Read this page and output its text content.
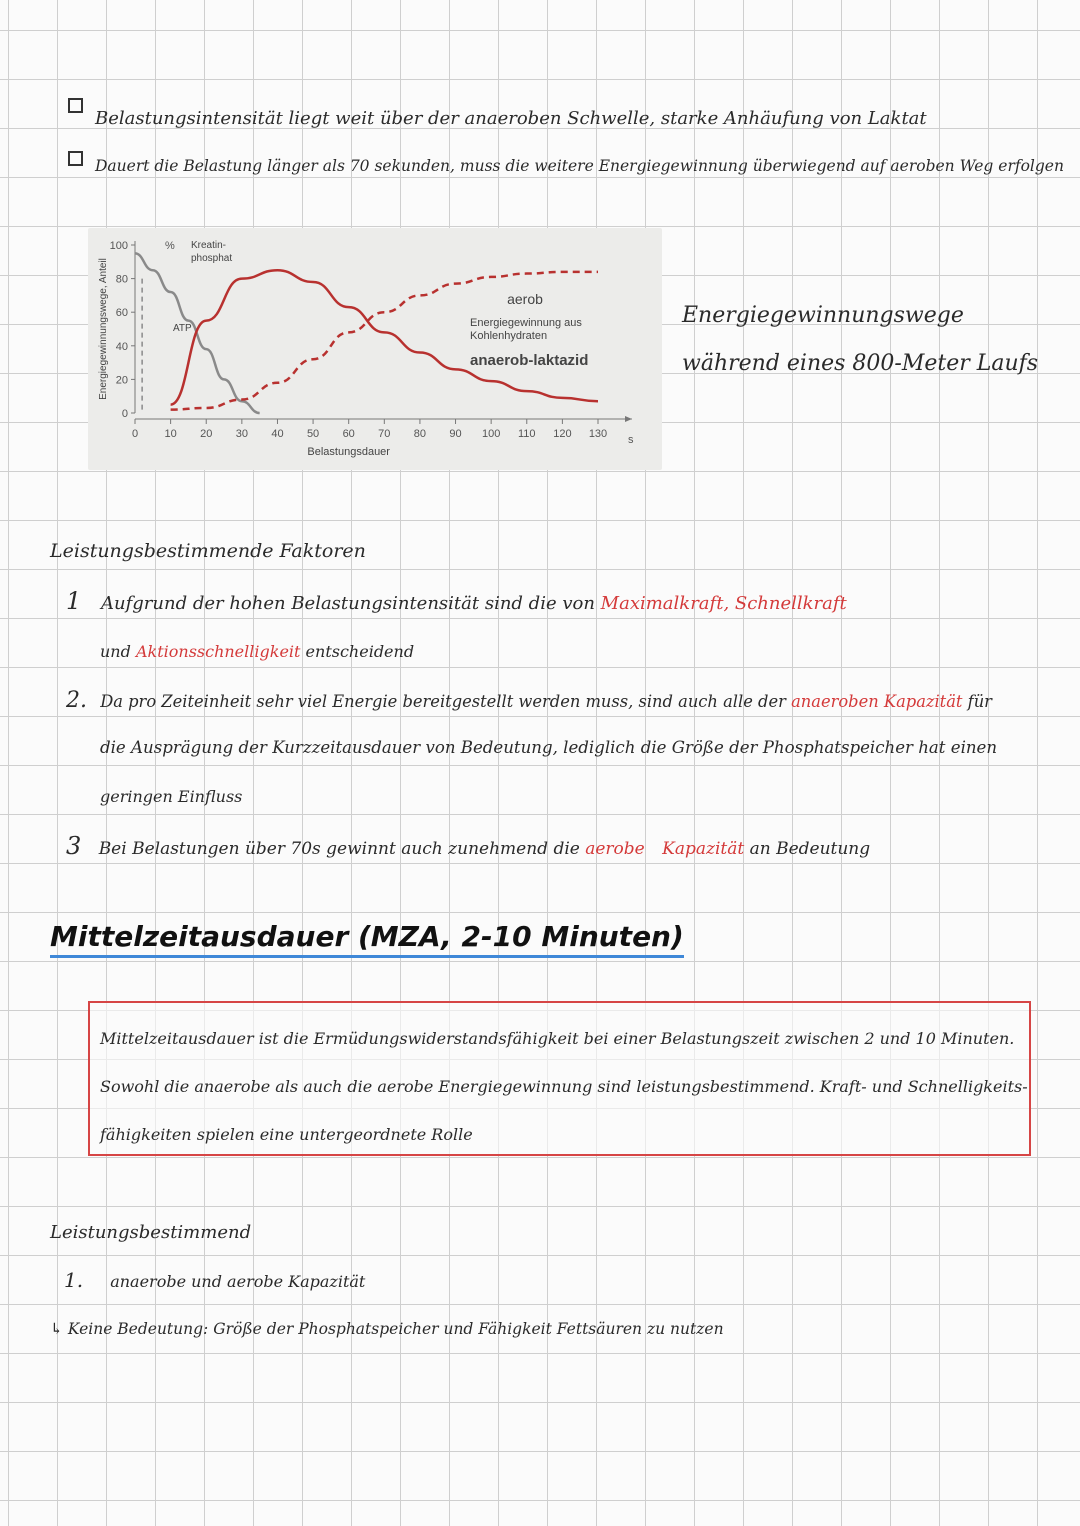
Belastungsintensität liegt weit über der anaeroben Schwelle, starke Anhäufung von Laktat
Dauert die Belastung länger als 70 sekunden, muss die weitere Energiegewinnung überwiegend auf aeroben Weg erfolgen
0
20
40
60
80
100
0 10 20 30 40 50 60 70 80 90 100 110 120 130 s
%
Belastungsdauer
Energiegewinnungswege, Anteil
Kreatin-
phosphat
ATP
aerob
Energiegewinnung aus
Kohlenhydraten
anaerob-laktazid
Energiegewinnungswege während eines 800-Meter Laufs
Leistungsbestimmende Faktoren
1 Aufgrund der hohen Belastungsintensität sind die von Maximalkraft, Schnellkraft
und Aktionsschnelligkeit entscheidend
2. Da pro Zeiteinheit sehr viel Energie bereitgestellt werden muss, sind auch alle der anaeroben Kapazität für
die Ausprägung der Kurzzeitausdauer von Bedeutung, lediglich die Größe der Phosphatspeicher hat einen
geringen Einfluss
3 Bei Belastungen über 70s gewinnt auch zunehmend die aerobe Kapazität an Bedeutung
Mittelzeitausdauer (MZA, 2-10 Minuten)
Mittelzeitausdauer ist die Ermüdungswiderstandsfähigkeit bei einer Belastungszeit zwischen 2 und 10 Minuten.
Sowohl die anaerobe als auch die aerobe Energiegewinnung sind leistungsbestimmend. Kraft- und Schnelligkeits-
fähigkeiten spielen eine untergeordnete Rolle
Leistungsbestimmend
1. anaerobe und aerobe Kapazität
↳ Keine Bedeutung: Größe der Phosphatspeicher und Fähigkeit Fettsäuren zu nutzen
